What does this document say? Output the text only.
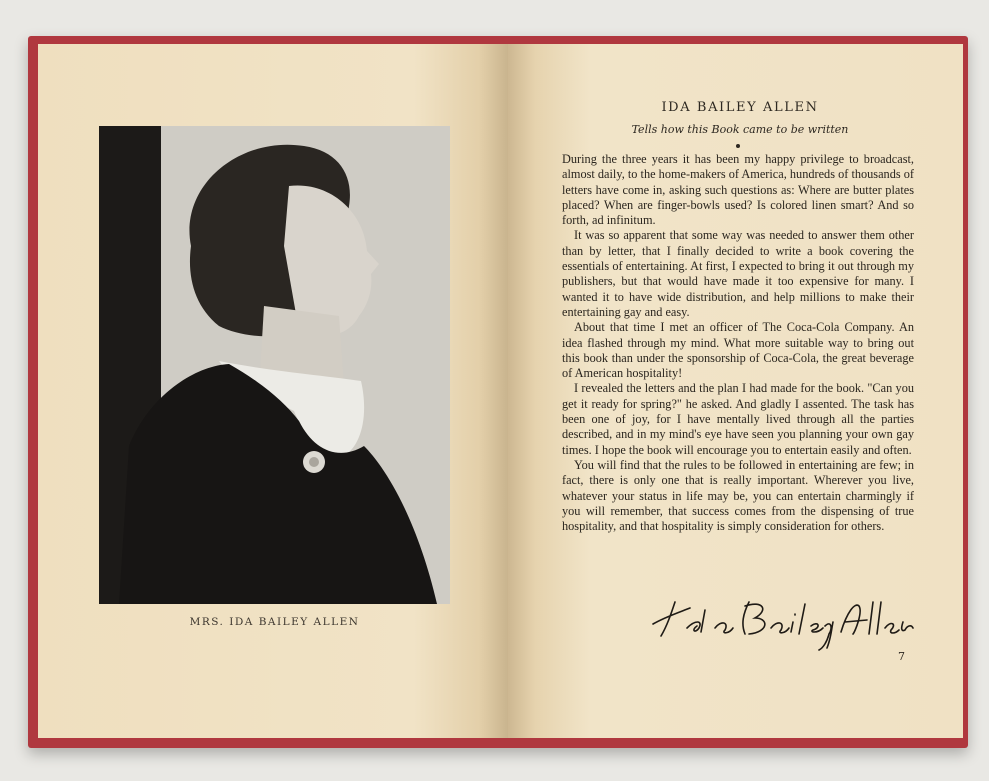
MRS. IDA BAILEY ALLEN
IDA BAILEY ALLEN
Tells how this Book came to be written

During the three years it has been my happy privilege to broadcast, almost daily, to the home-makers of America, hundreds of thousands of letters have come in, asking such questions as: Where are butter plates placed? When are finger-bowls used? Is colored linen smart? And so forth, ad infinitum.

It was so apparent that some way was needed to answer them other than by letter, that I finally decided to write a book covering the essentials of entertaining. At first, I expected to bring it out through my publishers, but that would have made it too expensive for many. I wanted it to have wide distribution, and help millions to make their entertaining gay and easy.

About that time I met an officer of The Coca-Cola Company. An idea flashed through my mind. What more suitable way to bring out this book than under the sponsorship of Coca-Cola, the great beverage of American hospitality!

I revealed the letters and the plan I had made for the book. "Can you get it ready for spring?" he asked. And gladly I assented. The task has been one of joy, for I have mentally lived through all the parties described, and in my mind's eye have seen you planning your own gay times. I hope the book will encourage you to entertain easily and often.

You will find that the rules to be followed in entertaining are few; in fact, there is only one that is really important. Wherever you live, whatever your status in life may be, you can entertain charmingly if you will remember, that success comes from the dispensing of true hospitality, and that hospitality is simply consideration for others.

7
